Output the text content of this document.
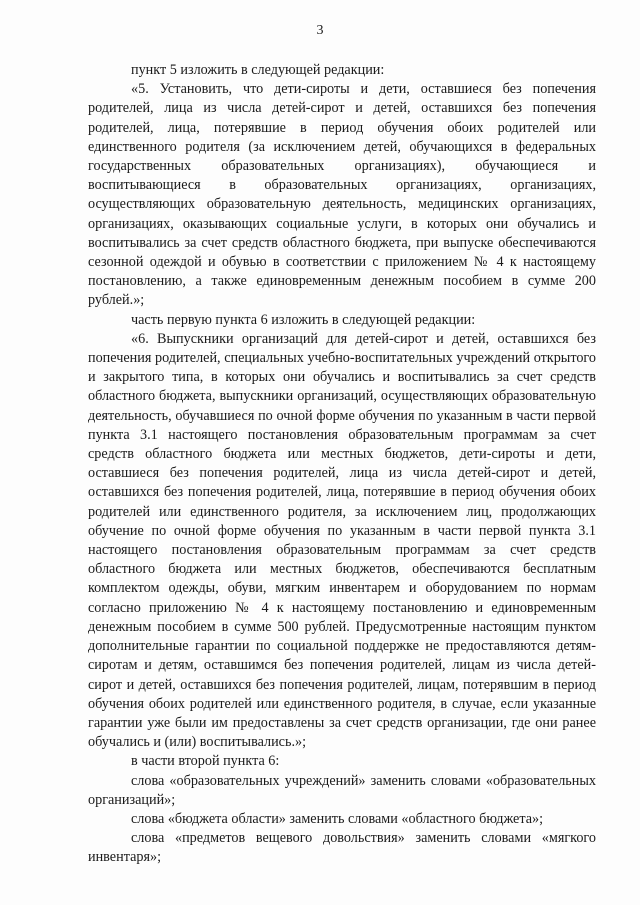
3

пункт 5 изложить в следующей редакции:

«5. Установить, что дети-сироты и дети, оставшиеся без попечения родителей, лица из числа детей-сирот и детей, оставшихся без попечения родителей, лица, потерявшие в период обучения обоих родителей или единственного родителя (за исключением детей, обучающихся в федеральных государственных образовательных организациях), обучающиеся и воспитывающиеся в образовательных организациях, организациях, осуществляющих образовательную деятельность, медицинских организациях, организациях, оказывающих социальные услуги, в которых они обучались и воспитывались за счет средств областного бюджета, при выпуске обеспечиваются сезонной одеждой и обувью в соответствии с приложением № 4 к настоящему постановлению, а также единовременным денежным пособием в сумме 200 рублей.»;

часть первую пункта 6 изложить в следующей редакции:

«6. Выпускники организаций для детей-сирот и детей, оставшихся без попечения родителей, специальных учебно-воспитательных учреждений открытого и закрытого типа, в которых они обучались и воспитывались за счет средств областного бюджета, выпускники организаций, осуществляющих образовательную деятельность, обучавшиеся по очной форме обучения по указанным в части первой пункта 3.1 настоящего постановления образовательным программам за счет средств областного бюджета или местных бюджетов, дети-сироты и дети, оставшиеся без попечения родителей, лица из числа детей-сирот и детей, оставшихся без попечения родителей, лица, потерявшие в период обучения обоих родителей или единственного родителя, за исключением лиц, продолжающих обучение по очной форме обучения по указанным в части первой пункта 3.1 настоящего постановления образовательным программам за счет средств областного бюджета или местных бюджетов, обеспечиваются бесплатным комплектом одежды, обуви, мягким инвентарем и оборудованием по нормам согласно приложению № 4 к настоящему постановлению и единовременным денежным пособием в сумме 500 рублей. Предусмотренные настоящим пунктом дополнительные гарантии по социальной поддержке не предоставляются детям-сиротам и детям, оставшимся без попечения родителей, лицам из числа детей-сирот и детей, оставшихся без попечения родителей, лицам, потерявшим в период обучения обоих родителей или единственного родителя, в случае, если указанные гарантии уже были им предоставлены за счет средств организации, где они ранее обучались и (или) воспитывались.»;

в части второй пункта 6:

слова «образовательных учреждений» заменить словами «образовательных организаций»;

слова «бюджета области» заменить словами «областного бюджета»;

слова «предметов вещевого довольствия» заменить словами «мягкого инвентаря»;
